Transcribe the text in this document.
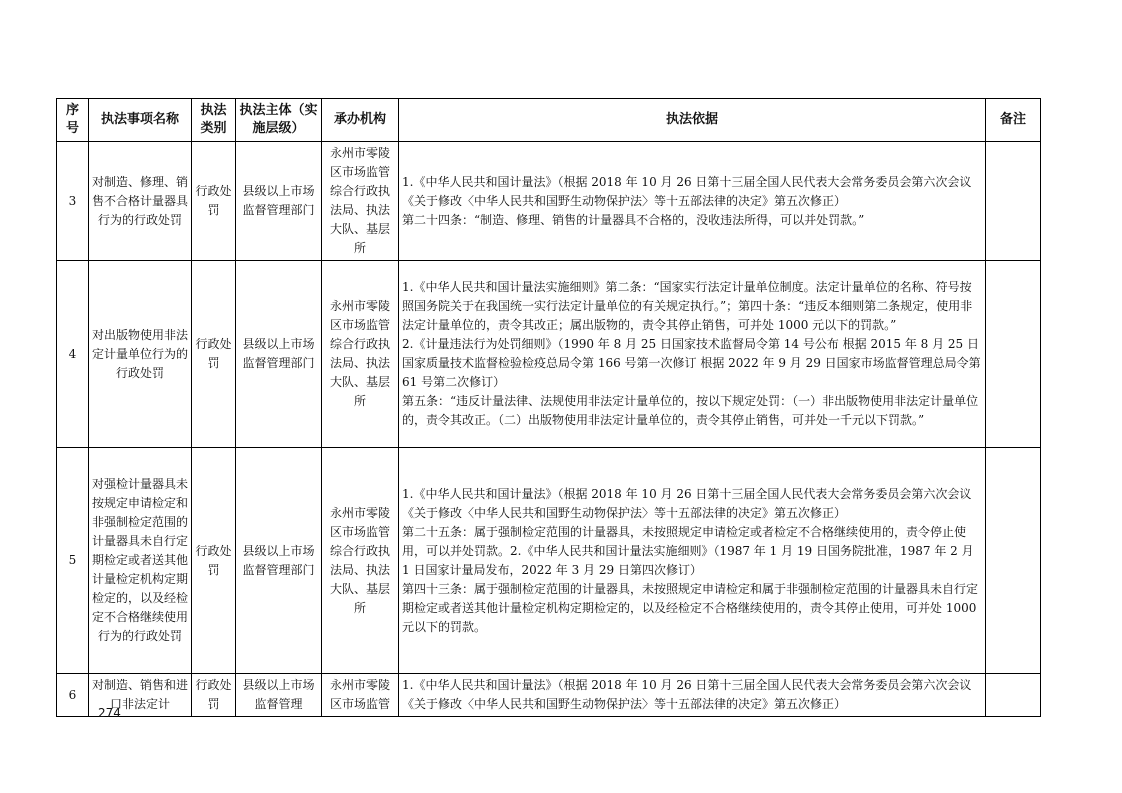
序号	执法事项名称	执法类别	执法主体（实施层级）	承办机构	执法依据	备注
3	对制造、修理、销售不合格计量器具行为的行政处罚	行政处罚	县级以上市场监督管理部门	永州市零陵区市场监管综合行政执法局、执法大队、基层所	1.《中华人民共和国计量法》（根据 2018 年 10 月 26 日第十三届全国人民代表大会常务委员会第六次会议《关于修改〈中华人民共和国野生动物保护法〉等十五部法律的决定》第五次修正）

第二十四条：“制造、修理、销售的计量器具不合格的，没收违法所得，可以并处罚款。”	

4	对出版物使用非法定计量单位行为的行政处罚	行政处罚	县级以上市场监督管理部门	永州市零陵区市场监管综合行政执法局、执法大队、基层所	1.《中华人民共和国计量法实施细则》第二条：“国家实行法定计量单位制度。法定计量单位的名称、符号按照国务院关于在我国统一实行法定计量单位的有关规定执行。”；第四十条：“违反本细则第二条规定，使用非法定计量单位的，责令其改正；属出版物的，责令其停止销售，可并处 1000 元以下的罚款。”

2.《计量违法行为处罚细则》（1990 年 8 月 25 日国家技术监督局令第 14 号公布 根据 2015 年 8 月 25 日国家质量技术监督检验检疫总局令第 166 号第一次修订 根据 2022 年 9 月 29 日国家市场监督管理总局令第 61 号第二次修订）

第五条：“违反计量法律、法规使用非法定计量单位的，按以下规定处罚：（一）非出版物使用非法定计量单位的，责令其改正。（二）出版物使用非法定计量单位的，责令其停止销售，可并处一千元以下罚款。”	

5	对强检计量器具未按规定申请检定和非强制检定范围的计量器具未自行定期检定或者送其他计量检定机构定期检定的，以及经检定不合格继续使用行为的行政处罚	行政处罚	县级以上市场监督管理部门	永州市零陵区市场监管综合行政执法局、执法大队、基层所	1.《中华人民共和国计量法》（根据 2018 年 10 月 26 日第十三届全国人民代表大会常务委员会第六次会议《关于修改〈中华人民共和国野生动物保护法〉等十五部法律的决定》第五次修正）

第二十五条：属于强制检定范围的计量器具，未按照规定申请检定或者检定不合格继续使用的，责令停止使用，可以并处罚款。2.《中华人民共和国计量法实施细则》（1987 年 1 月 19 日国务院批准，1987 年 2 月 1 日国家计量局发布，2022 年 3 月 29 日第四次修订）

第四十三条：属于强制检定范围的计量器具，未按照规定申请检定和属于非强制检定范围的计量器具未自行定期检定或者送其他计量检定机构定期检定的，以及经检定不合格继续使用的，责令其停止使用，可并处 1000 元以下的罚款。	

6	对制造、销售和进口非法定计	行政处罚	县级以上市场监督管理	永州市零陵区市场监管	1.《中华人民共和国计量法》（根据 2018 年 10 月 26 日第十三届全国人民代表大会常务委员会第六次会议《关于修改〈中华人民共和国野生动物保护法〉等十五部法律的决定》第五次修正）	

274
